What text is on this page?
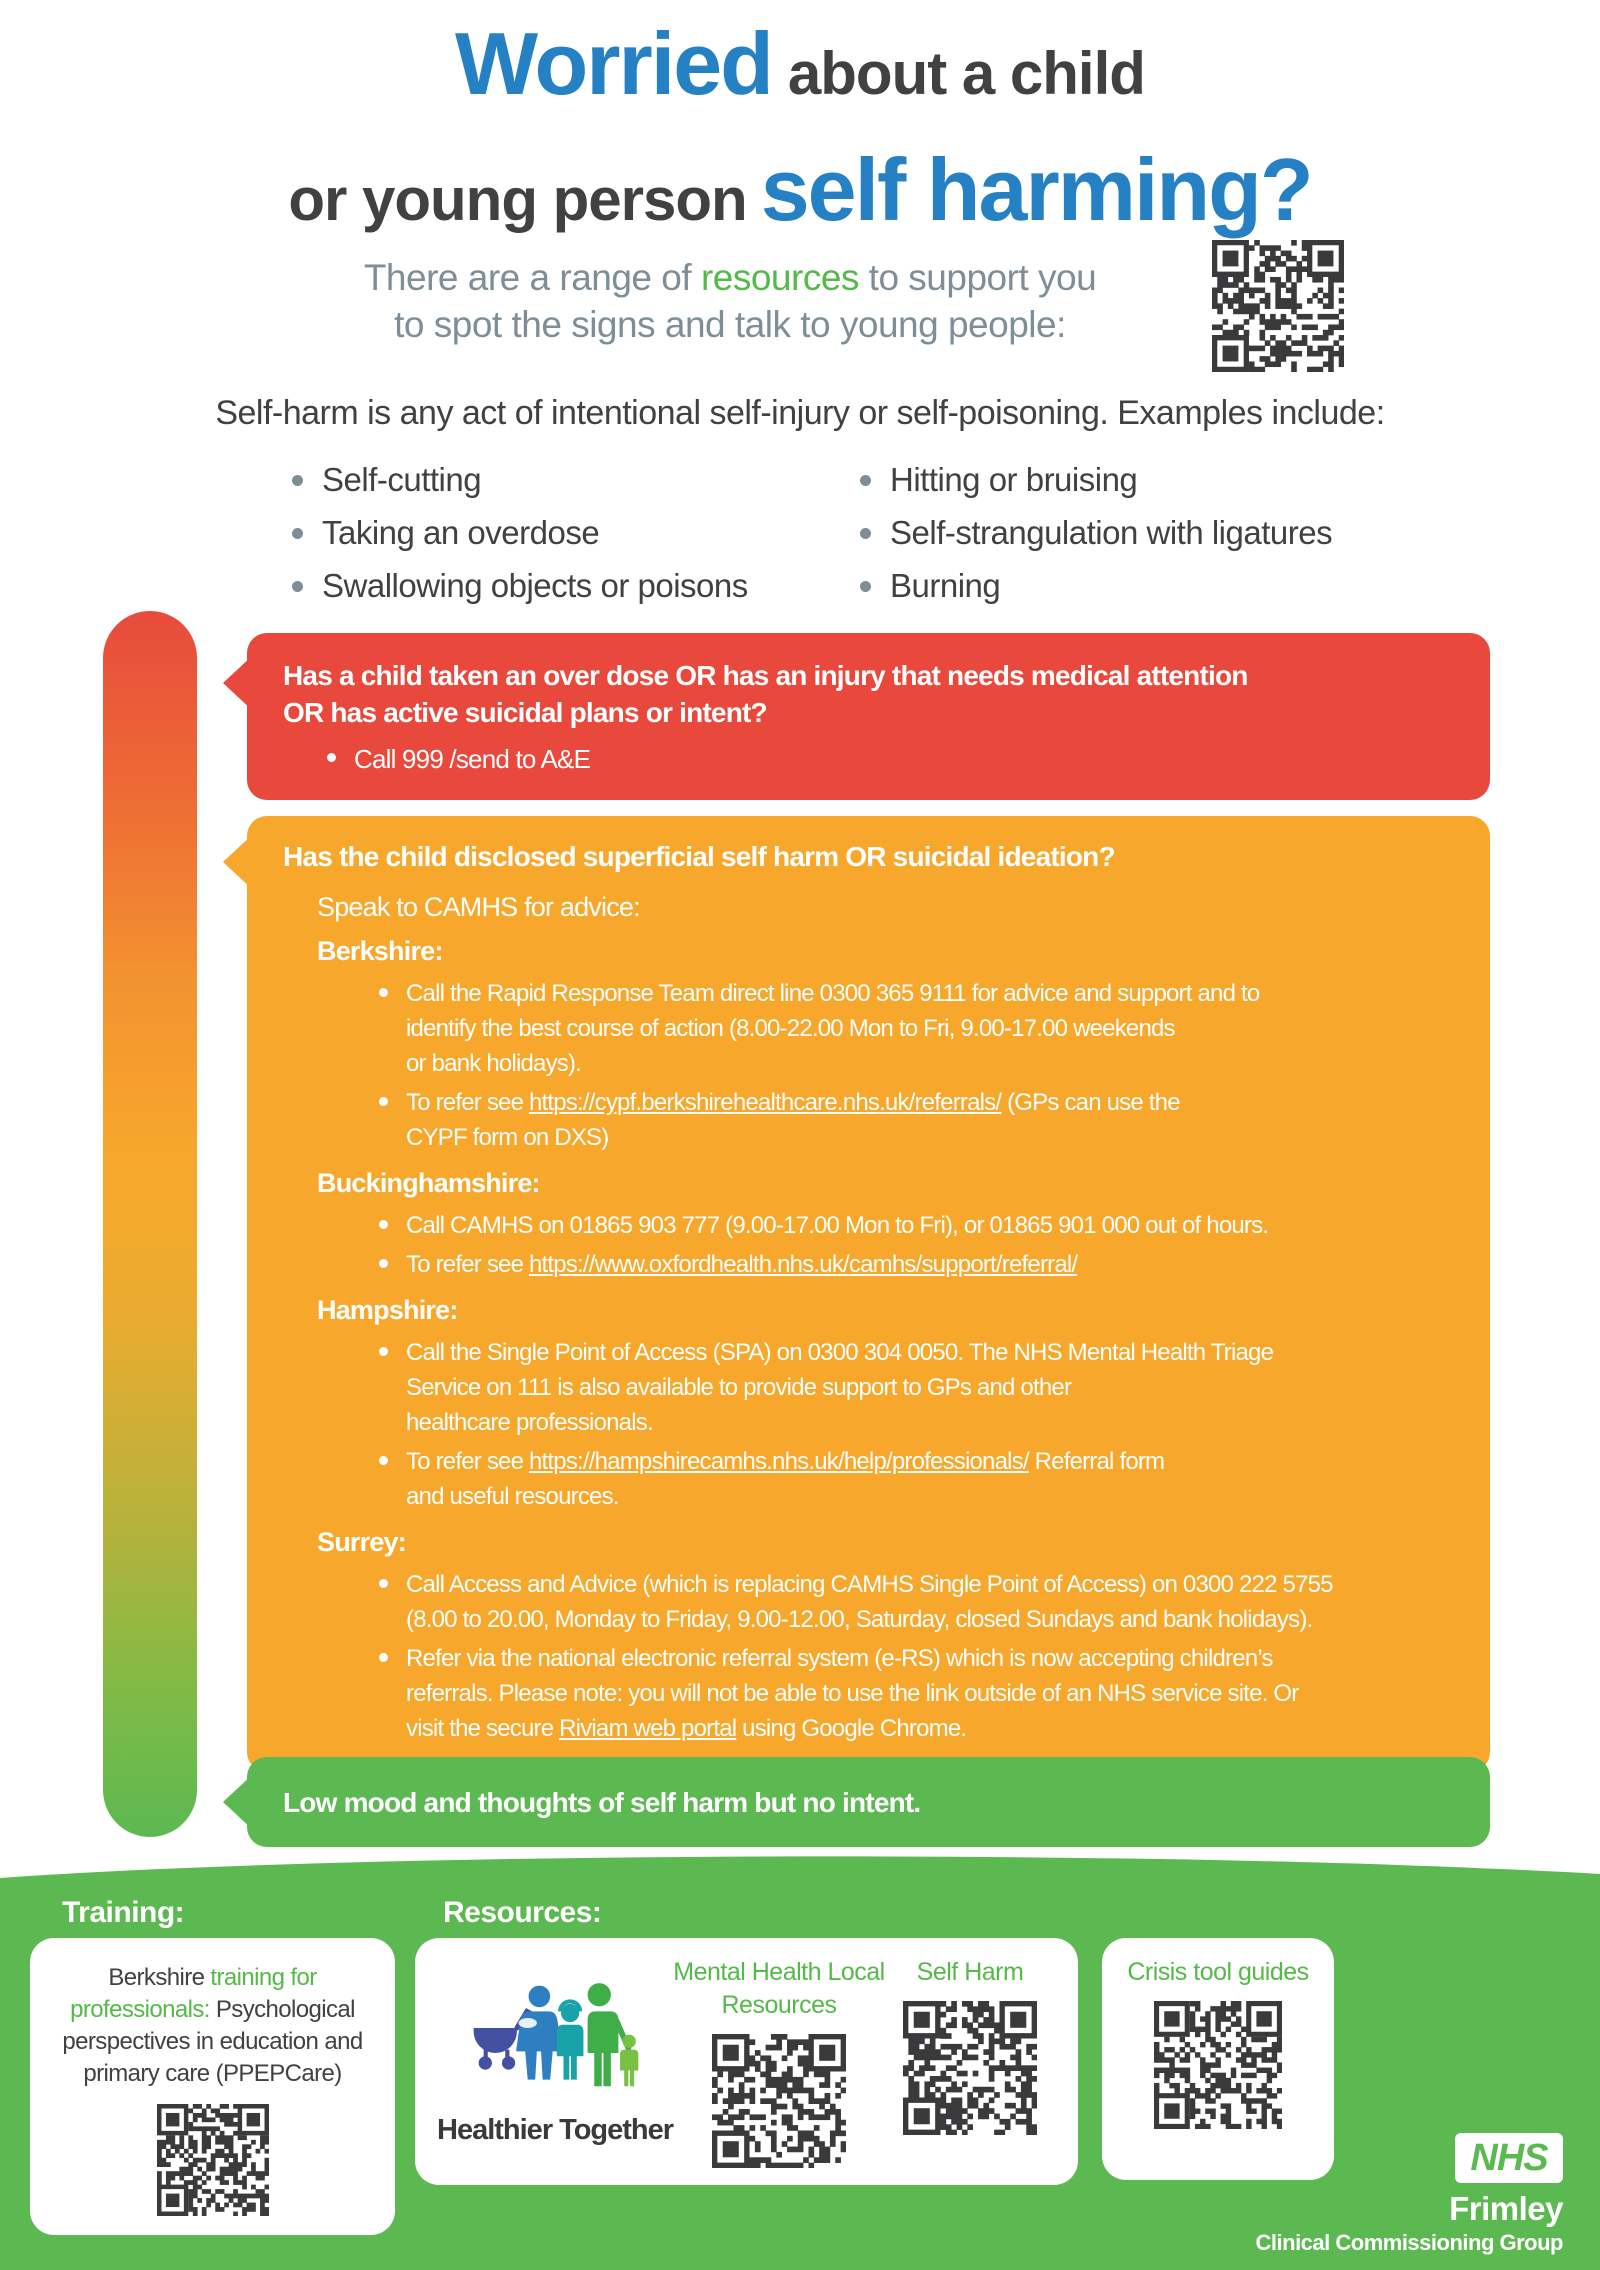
Worried about a child
or young person self harming?
There are a range of resources to support you
to spot the signs and talk to young people:
Self-harm is any act of intentional self-injury or self-poisoning. Examples include:
Self-cutting
Taking an overdose
Swallowing objects or poisons
Hitting or bruising
Self-strangulation with ligatures
Burning
Has a child taken an over dose OR has an injury that needs medical attention
OR has active suicidal plans or intent?
Call 999 /send to A&E
Has the child disclosed superficial self harm OR suicidal ideation?
Speak to CAMHS for advice:
Berkshire:
Call the Rapid Response Team direct line 0300 365 9111 for advice and support and to
identify the best course of action (8.00-22.00 Mon to Fri, 9.00-17.00 weekends
or bank holidays).
To refer see https://cypf.berkshirehealthcare.nhs.uk/referrals/ (GPs can use the
CYPF form on DXS)
Buckinghamshire:
Call CAMHS on 01865 903 777 (9.00-17.00 Mon to Fri), or 01865 901 000 out of hours.
To refer see https://www.oxfordhealth.nhs.uk/camhs/support/referral/
Hampshire:
Call the Single Point of Access (SPA) on 0300 304 0050. The NHS Mental Health Triage
Service on 111 is also available to provide support to GPs and other
healthcare professionals.
To refer see https://hampshirecamhs.nhs.uk/help/professionals/ Referral form
and useful resources.
Surrey:
Call Access and Advice (which is replacing CAMHS Single Point of Access) on 0300 222 5755
(8.00 to 20.00, Monday to Friday, 9.00-12.00, Saturday, closed Sundays and bank holidays).
Refer via the national electronic referral system (e-RS) which is now accepting children’s
referrals. Please note: you will not be able to use the link outside of an NHS service site. Or
visit the secure Riviam web portal using Google Chrome.
Low mood and thoughts of self harm but no intent.
Training:	Resources:
Berkshire training for professionals: Psychological perspectives in education and primary care (PPEPCare)
Healthier Together
Mental Health Local Resources
Self Harm	Crisis tool guides
NHS
Frimley
Clinical Commissioning Group
